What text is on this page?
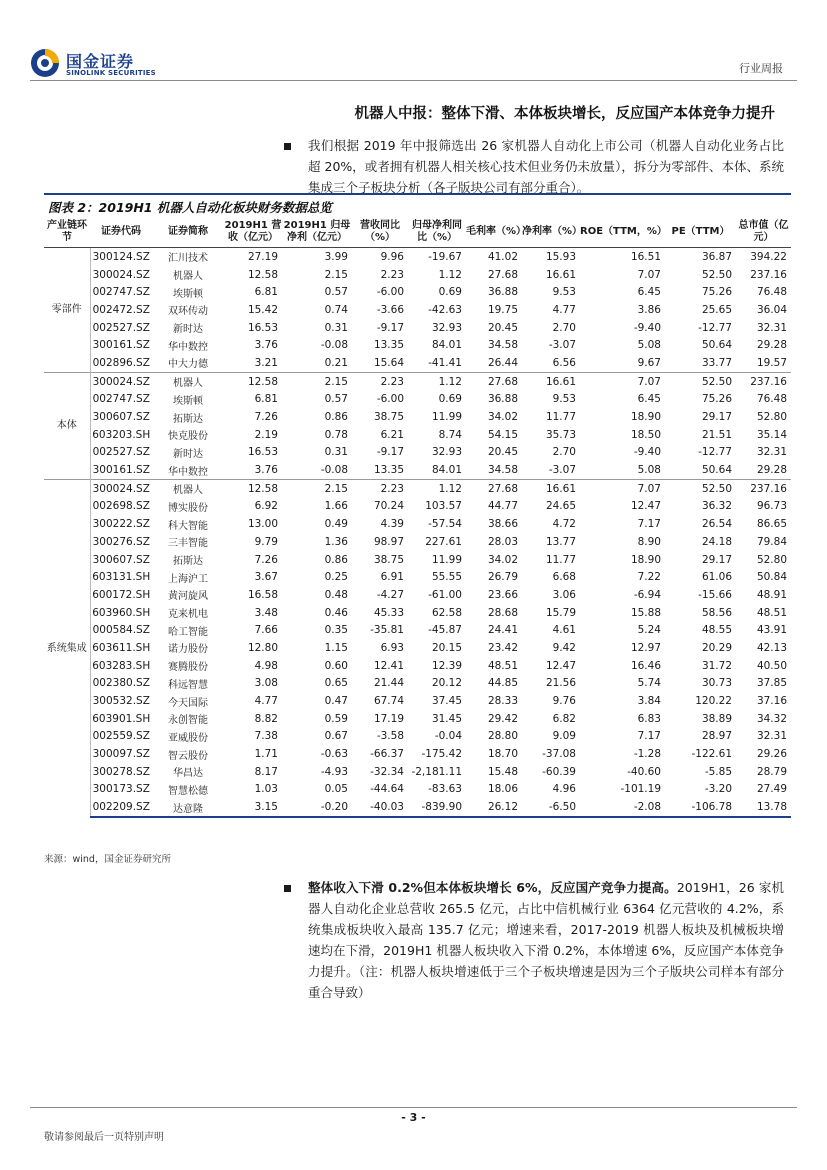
国金证券
SINOLINK SECURITIES	行业周报
机器人中报：整体下滑、本体板块增长，反应国产本体竞争力提升
我们根据 2019 年中报筛选出 26 家机器人自动化上市公司（机器人自动化业务占比超 20%，或者拥有机器人相关核心技术但业务仍未放量），拆分为零部件、本体、系统集成三个子板块分析（各子版块公司有部分重合）。
图表 2：2019H1 机器人自动化板块财务数据总览
产业链环节	证券代码	证券简称	2019H1 营收（亿元）	2019H1 归母净利（亿元）	营收同比（%）	归母净利同比（%）	毛利率（%）	净利率（%）	ROE（TTM，%）	PE（TTM）	总市值（亿元）
零部件	300124.SZ	汇川技术	27.19	3.99	9.96	-19.67	41.02	15.93	16.51	36.87	394.22
	300024.SZ	机器人	12.58	2.15	2.23	1.12	27.68	16.61	7.07	52.50	237.16
	002747.SZ	埃斯顿	6.81	0.57	-6.00	0.69	36.88	9.53	6.45	75.26	76.48
	002472.SZ	双环传动	15.42	0.74	-3.66	-42.63	19.75	4.77	3.86	25.65	36.04
	002527.SZ	新时达	16.53	0.31	-9.17	32.93	20.45	2.70	-9.40	-12.77	32.31
	300161.SZ	华中数控	3.76	-0.08	13.35	84.01	34.58	-3.07	5.08	50.64	29.28
	002896.SZ	中大力德	3.21	0.21	15.64	-41.41	26.44	6.56	9.67	33.77	19.57
本体	300024.SZ	机器人	12.58	2.15	2.23	1.12	27.68	16.61	7.07	52.50	237.16
	002747.SZ	埃斯顿	6.81	0.57	-6.00	0.69	36.88	9.53	6.45	75.26	76.48
	300607.SZ	拓斯达	7.26	0.86	38.75	11.99	34.02	11.77	18.90	29.17	52.80
	603203.SH	快克股份	2.19	0.78	6.21	8.74	54.15	35.73	18.50	21.51	35.14
	002527.SZ	新时达	16.53	0.31	-9.17	32.93	20.45	2.70	-9.40	-12.77	32.31
	300161.SZ	华中数控	3.76	-0.08	13.35	84.01	34.58	-3.07	5.08	50.64	29.28
系统集成	300024.SZ	机器人	12.58	2.15	2.23	1.12	27.68	16.61	7.07	52.50	237.16
	002698.SZ	博实股份	6.92	1.66	70.24	103.57	44.77	24.65	12.47	36.32	96.73
	300222.SZ	科大智能	13.00	0.49	4.39	-57.54	38.66	4.72	7.17	26.54	86.65
	300276.SZ	三丰智能	9.79	1.36	98.97	227.61	28.03	13.77	8.90	24.18	79.84
	300607.SZ	拓斯达	7.26	0.86	38.75	11.99	34.02	11.77	18.90	29.17	52.80
	603131.SH	上海沪工	3.67	0.25	6.91	55.55	26.79	6.68	7.22	61.06	50.84
	600172.SH	黄河旋风	16.58	0.48	-4.27	-61.00	23.66	3.06	-6.94	-15.66	48.91
	603960.SH	克来机电	3.48	0.46	45.33	62.58	28.68	15.79	15.88	58.56	48.51
	000584.SZ	哈工智能	7.66	0.35	-35.81	-45.87	24.41	4.61	5.24	48.55	43.91
	603611.SH	诺力股份	12.80	1.15	6.93	20.15	23.42	9.42	12.97	20.29	42.13
	603283.SH	赛腾股份	4.98	0.60	12.41	12.39	48.51	12.47	16.46	31.72	40.50
	002380.SZ	科远智慧	3.08	0.65	21.44	20.12	44.85	21.56	5.74	30.73	37.85
	300532.SZ	今天国际	4.77	0.47	67.74	37.45	28.33	9.76	3.84	120.22	37.16
	603901.SH	永创智能	8.82	0.59	17.19	31.45	29.42	6.82	6.83	38.89	34.32
	002559.SZ	亚威股份	7.38	0.67	-3.58	-0.04	28.80	9.09	7.17	28.97	32.31
	300097.SZ	智云股份	1.71	-0.63	-66.37	-175.42	18.70	-37.08	-1.28	-122.61	29.26
	300278.SZ	华昌达	8.17	-4.93	-32.34	-2,181.11	15.48	-60.39	-40.60	-5.85	28.79
	300173.SZ	智慧松德	1.03	0.05	-44.64	-83.63	18.06	4.96	-101.19	-3.20	27.49
	002209.SZ	达意隆	3.15	-0.20	-40.03	-839.90	26.12	-6.50	-2.08	-106.78	13.78
来源：wind，国金证券研究所
整体收入下滑 0.2%但本体板块增长 6%，反应国产竞争力提高。2019H1，26 家机器人自动化企业总营收 265.5 亿元，占比中信机械行业 6364 亿元营收的 4.2%，系统集成板块收入最高 135.7 亿元；增速来看，2017-2019 机器人板块及机械板块增速均在下滑，2019H1 机器人板块收入下滑 0.2%，本体增速 6%，反应国产本体竞争力提升。（注：机器人板块增速低于三个子板块增速是因为三个子版块公司样本有部分重合导致）
- 3 -
敬请参阅最后一页特别声明
